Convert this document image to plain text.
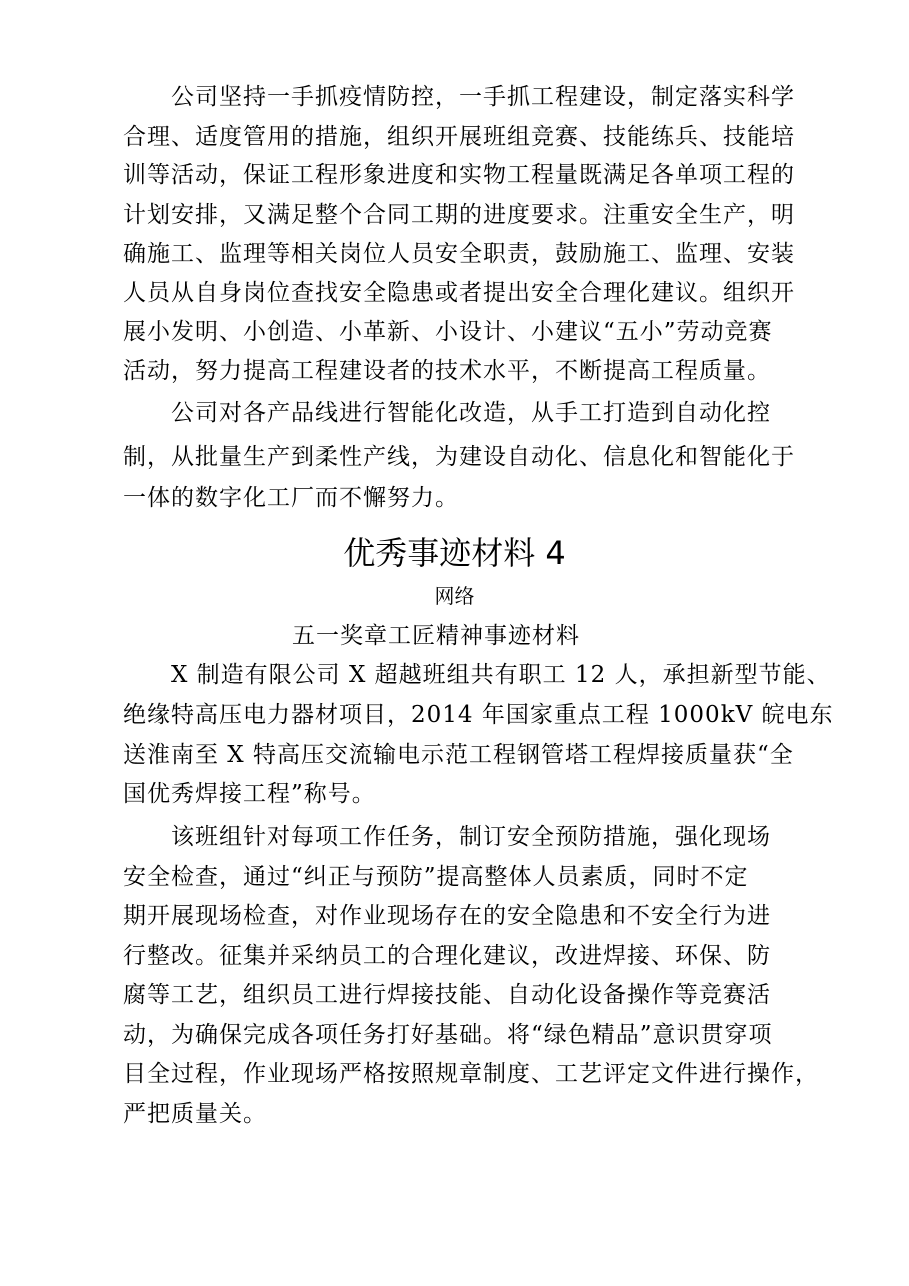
公司坚持一手抓疫情防控，一手抓工程建设，制定落实科学
合理、适度管用的措施，组织开展班组竞赛、技能练兵、技能培
训等活动，保证工程形象进度和实物工程量既满足各单项工程的
计划安排，又满足整个合同工期的进度要求。注重安全生产，明
确施工、监理等相关岗位人员安全职责，鼓励施工、监理、安装
人员从自身岗位查找安全隐患或者提出安全合理化建议。组织开
展小发明、小创造、小革新、小设计、小建议“五小”劳动竞赛
活动，努力提高工程建设者的技术水平，不断提高工程质量。
公司对各产品线进行智能化改造，从手工打造到自动化控
制，从批量生产到柔性产线，为建设自动化、信息化和智能化于
一体的数字化工厂而不懈努力。
优秀事迹材料 4
网络
五一奖章工匠精神事迹材料
X 制造有限公司 X 超越班组共有职工 12 人，承担新型节能、
绝缘特高压电力器材项目，2014 年国家重点工程 1000kV 皖电东
送淮南至 X 特高压交流输电示范工程钢管塔工程焊接质量获“全
国优秀焊接工程”称号。
该班组针对每项工作任务，制订安全预防措施，强化现场
安全检查，通过“纠正与预防”提高整体人员素质，同时不定
期开展现场检查，对作业现场存在的安全隐患和不安全行为进
行整改。征集并采纳员工的合理化建议，改进焊接、环保、防
腐等工艺，组织员工进行焊接技能、自动化设备操作等竞赛活
动，为确保完成各项任务打好基础。将“绿色精品”意识贯穿项
目全过程，作业现场严格按照规章制度、工艺评定文件进行操作，
严把质量关。
